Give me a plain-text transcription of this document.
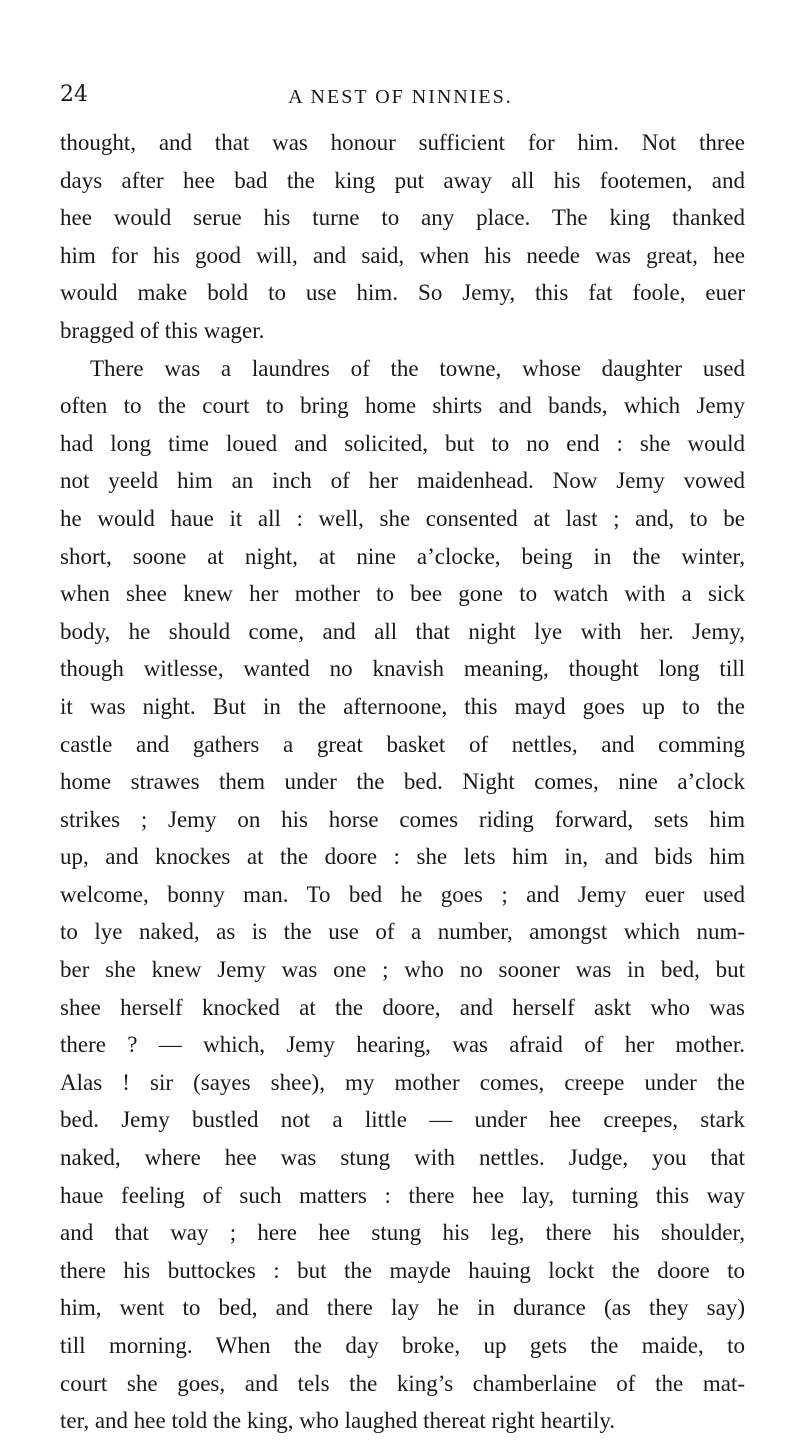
24	A NEST OF NINNIES.
thought, and that was honour sufficient for him. Not three
days after hee bad the king put away all his footemen, and
hee would serue his turne to any place. The king thanked
him for his good will, and said, when his neede was great, hee
would make bold to use him. So Jemy, this fat foole, euer
bragged of this wager.
There was a laundres of the towne, whose daughter used
often to the court to bring home shirts and bands, which Jemy
had long time loued and solicited, but to no end : she would
not yeeld him an inch of her maidenhead. Now Jemy vowed
he would haue it all : well, she consented at last ; and, to be
short, soone at night, at nine a’clocke, being in the winter,
when shee knew her mother to bee gone to watch with a sick
body, he should come, and all that night lye with her. Jemy,
though witlesse, wanted no knavish meaning, thought long till
it was night. But in the afternoone, this mayd goes up to the
castle and gathers a great basket of nettles, and comming
home strawes them under the bed. Night comes, nine a’clock
strikes ; Jemy on his horse comes riding forward, sets him
up, and knockes at the doore : she lets him in, and bids him
welcome, bonny man. To bed he goes ; and Jemy euer used
to lye naked, as is the use of a number, amongst which num-
ber she knew Jemy was one ; who no sooner was in bed, but
shee herself knocked at the doore, and herself askt who was
there ? — which, Jemy hearing, was afraid of her mother.
Alas ! sir (sayes shee), my mother comes, creepe under the
bed. Jemy bustled not a little — under hee creepes, stark
naked, where hee was stung with nettles. Judge, you that
haue feeling of such matters : there hee lay, turning this way
and that way ; here hee stung his leg, there his shoulder,
there his buttockes : but the mayde hauing lockt the doore to
him, went to bed, and there lay he in durance (as they say)
till morning. When the day broke, up gets the maide, to
court she goes, and tels the king’s chamberlaine of the mat-
ter, and hee told the king, who laughed thereat right heartily.
